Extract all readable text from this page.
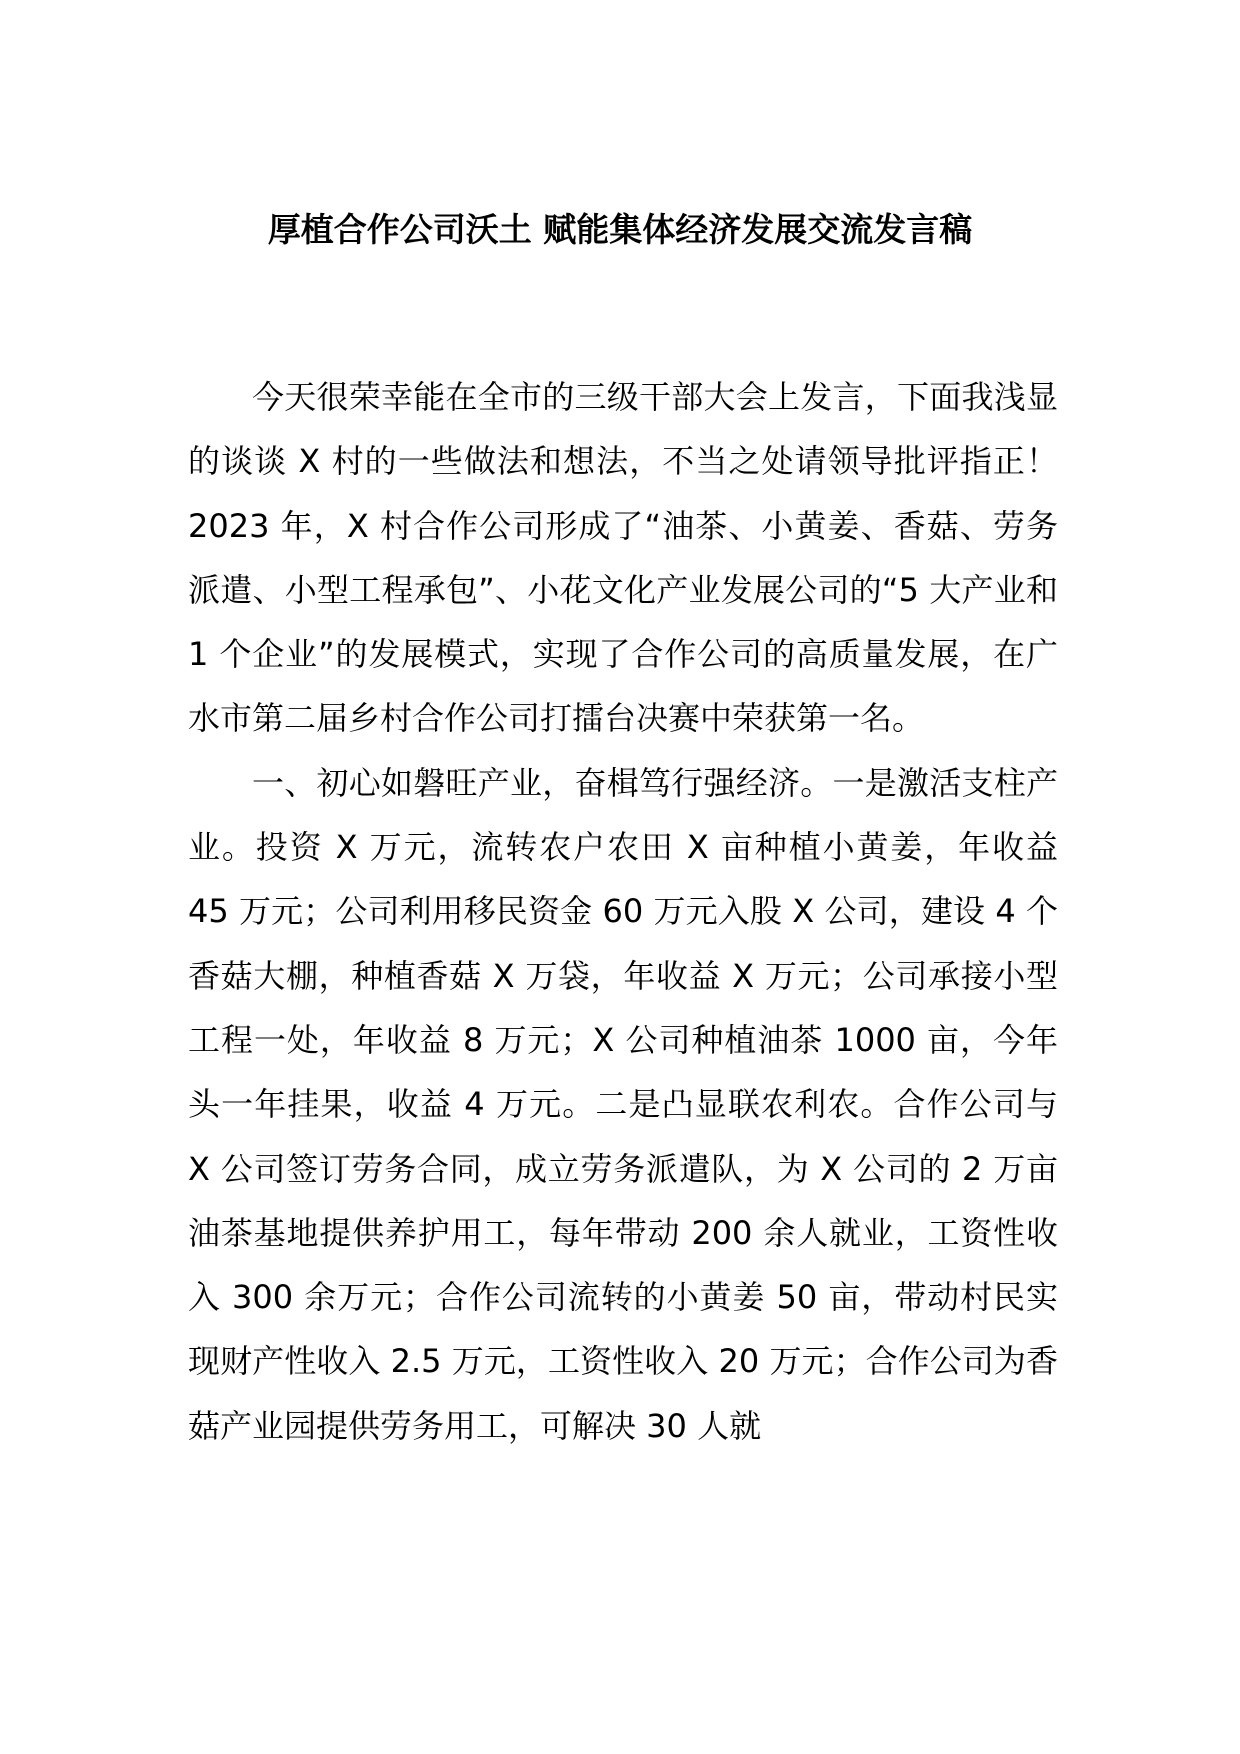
厚植合作公司沃土 赋能集体经济发展交流发言稿

今天很荣幸能在全市的三级干部大会上发言，下面我浅显的谈谈 X 村的一些做法和想法，不当之处请领导批评指正！2023 年，X 村合作公司形成了“油茶、小黄姜、香菇、劳务派遣、小型工程承包”、小花文化产业发展公司的“5 大产业和 1 个企业”的发展模式，实现了合作公司的高质量发展，在广水市第二届乡村合作公司打擂台决赛中荣获第一名。

一、初心如磐旺产业，奋楫笃行强经济。一是激活支柱产业。投资 X 万元，流转农户农田 X 亩种植小黄姜，年收益 45 万元；公司利用移民资金 60 万元入股 X 公司，建设 4 个香菇大棚，种植香菇 X 万袋，年收益 X 万元；公司承接小型工程一处，年收益 8 万元；X 公司种植油茶 1000 亩，今年头一年挂果，收益 4 万元。二是凸显联农利农。合作公司与 X 公司签订劳务合同，成立劳务派遣队，为 X 公司的 2 万亩油茶基地提供养护用工，每年带动 200 余人就业，工资性收入 300 余万元；合作公司流转的小黄姜 50 亩，带动村民实现财产性收入 2.5 万元，工资性收入 20 万元；合作公司为香菇产业园提供劳务用工，可解决 30 人就
